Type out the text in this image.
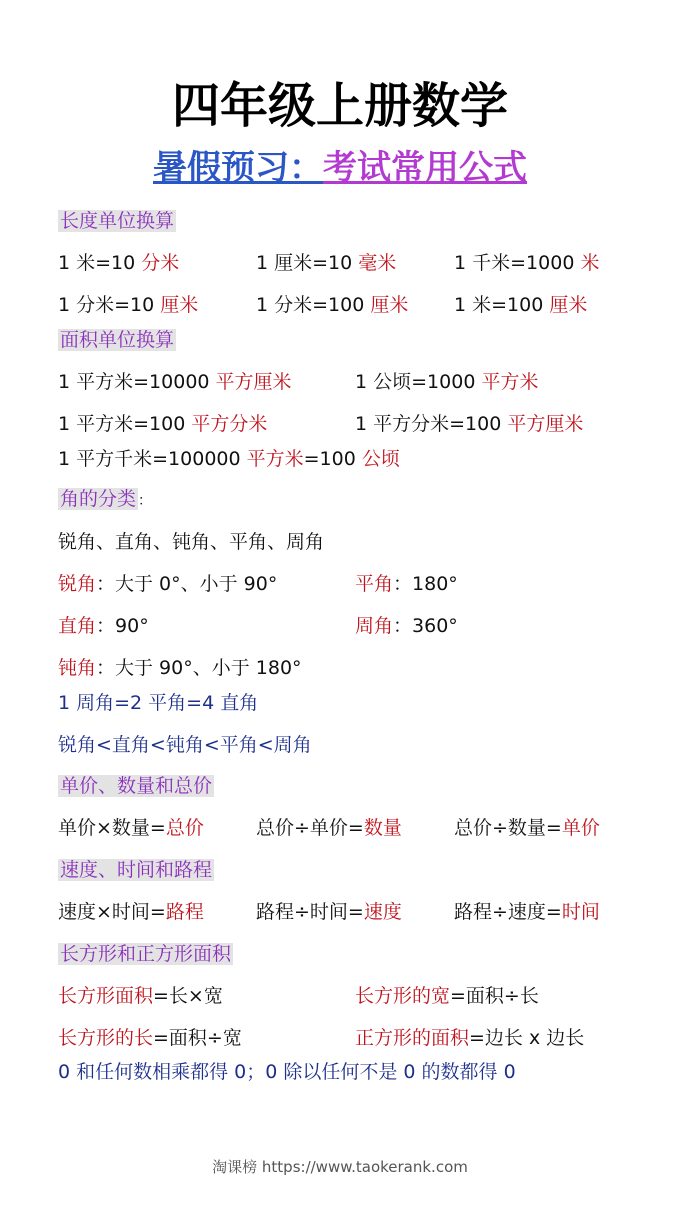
四年级上册数学
暑假预习：考试常用公式
长度单位换算
1 米=10 分米	1 厘米=10 毫米	1 千米=1000 米
1 分米=10 厘米	1 分米=100 厘米 1 米=100 厘米
面积单位换算
1 平方米=10000 平方厘米	1 公顷=1000 平方米
1 平方米=100 平方分米	1 平方分米=100 平方厘米
1 平方千米=100000 平方米=100 公顷
角的分类 ：
锐角、直角、钝角、平角、周角
锐角：大于 0°、小于 90°	平角：180°
直角：90°	周角：360°
钝角：大于 90°、小于 180°
1 周角=2 平角=4 直角
锐角<直角<钝角<平角<周角
单价、数量和总价
单价×数量=总价	总价÷单价=数量	总价÷数量=单价
速度、时间和路程
速度×时间=路程	路程÷时间=速度	路程÷速度=时间
长方形和正方形面积
长方形面积=长×宽	长方形的宽=面积÷长
长方形的长=面积÷宽	正方形的面积=边长 x 边长
0 和任何数相乘都得 0；0 除以任何不是 0 的数都得 0
淘课榜 https://www.taokerank.com
